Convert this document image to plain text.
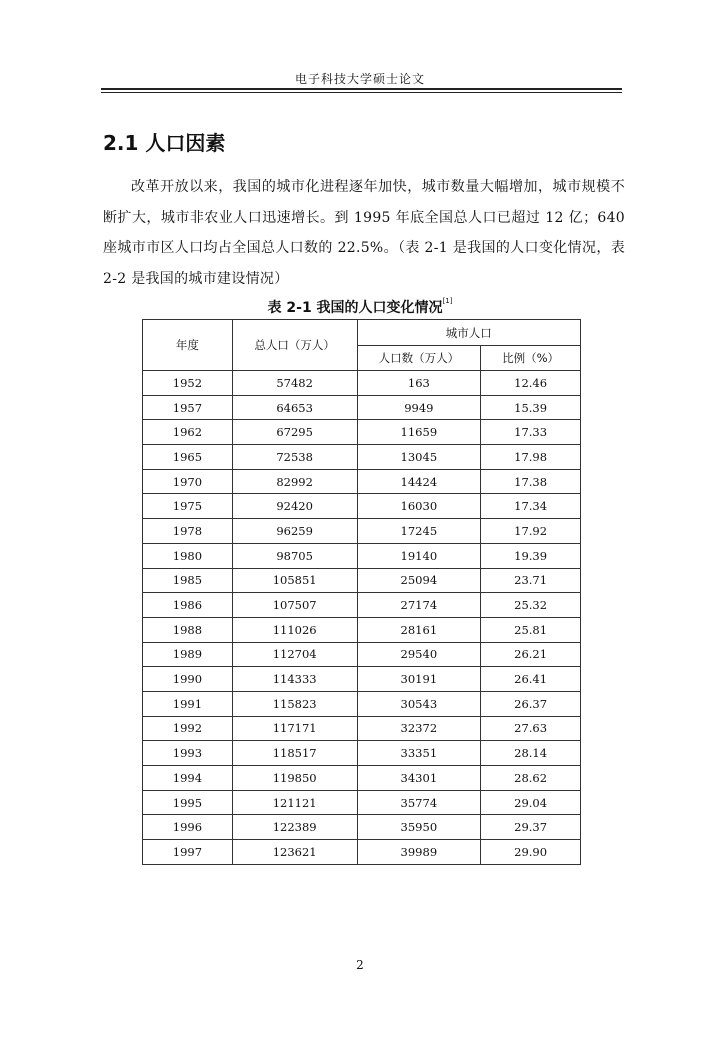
电子科技大学硕士论文
2.1 人口因素
改革开放以来，我国的城市化进程逐年加快，城市数量大幅增加，城市规模不断扩大，城市非农业人口迅速增长。到 1995 年底全国总人口已超过 12 亿；640 座城市市区人口均占全国总人口数的 22.5%。（表 2-1 是我国的人口变化情况，表 2-2 是我国的城市建设情况）
表 2-1 我国的人口变化情况[1]
年度	总人口（万人）	城市人口	
		人口数（万人）	比例（%）
1952	57482	163	12.46
1957	64653	9949	15.39
1962	67295	11659	17.33
1965	72538	13045	17.98
1970	82992	14424	17.38
1975	92420	16030	17.34
1978	96259	17245	17.92
1980	98705	19140	19.39
1985	105851	25094	23.71
1986	107507	27174	25.32
1988	111026	28161	25.81
1989	112704	29540	26.21
1990	114333	30191	26.41
1991	115823	30543	26.37
1992	117171	32372	27.63
1993	118517	33351	28.14
1994	119850	34301	28.62
1995	121121	35774	29.04
1996	122389	35950	29.37
1997	123621	39989	29.90
2
